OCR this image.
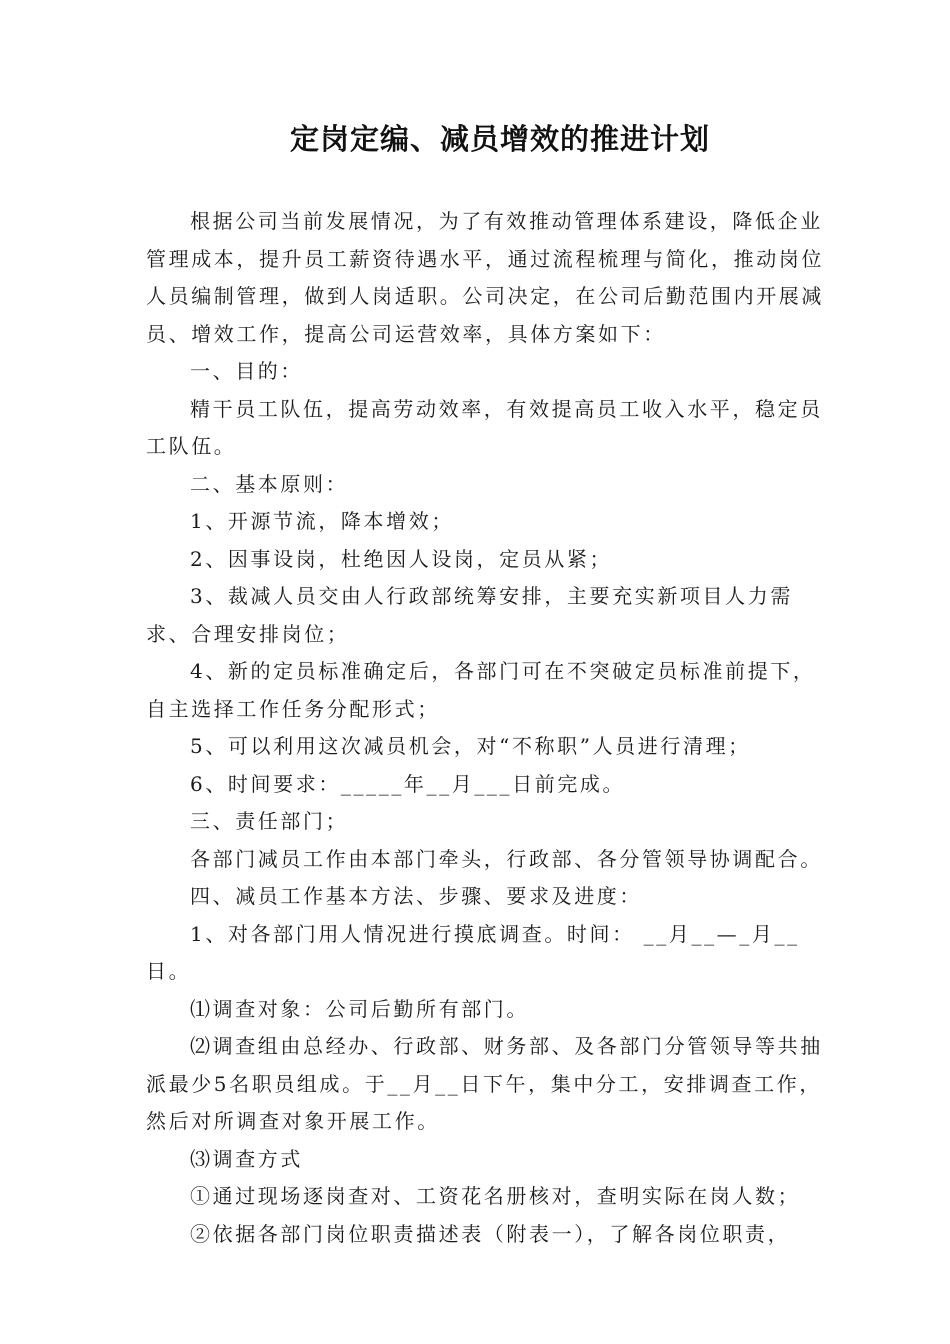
定岗定编、减员增效的推进计划

根据公司当前发展情况，为了有效推动管理体系建设，降低企业管理成本，提升员工薪资待遇水平，通过流程梳理与简化，推动岗位人员编制管理，做到人岗适职。公司决定，在公司后勤范围内开展减员、增效工作，提高公司运营效率，具体方案如下：

一、目的：

精干员工队伍，提高劳动效率，有效提高员工收入水平，稳定员工队伍。

二、基本原则：

1、开源节流，降本增效；

2、因事设岗，杜绝因人设岗，定员从紧；

3、裁减人员交由人行政部统筹安排，主要充实新项目人力需求、合理安排岗位；

4、新的定员标准确定后，各部门可在不突破定员标准前提下，自主选择工作任务分配形式；

5、可以利用这次减员机会，对“不称职”人员进行清理；

6、时间要求：_____年__月___日前完成。

三、责任部门；

各部门减员工作由本部门牵头，行政部、各分管领导协调配合。

四、减员工作基本方法、步骤、要求及进度：

1、对各部门用人情况进行摸底调查。时间： __月__—_月__日。

⑴调查对象：公司后勤所有部门。

⑵调查组由总经办、行政部、财务部、及各部门分管领导等共抽派最少5名职员组成。于__月__日下午，集中分工，安排调查工作，然后对所调查对象开展工作。

⑶调查方式

①通过现场逐岗查对、工资花名册核对，查明实际在岗人数；

②依据各部门岗位职责描述表（附表一），了解各岗位职责，
